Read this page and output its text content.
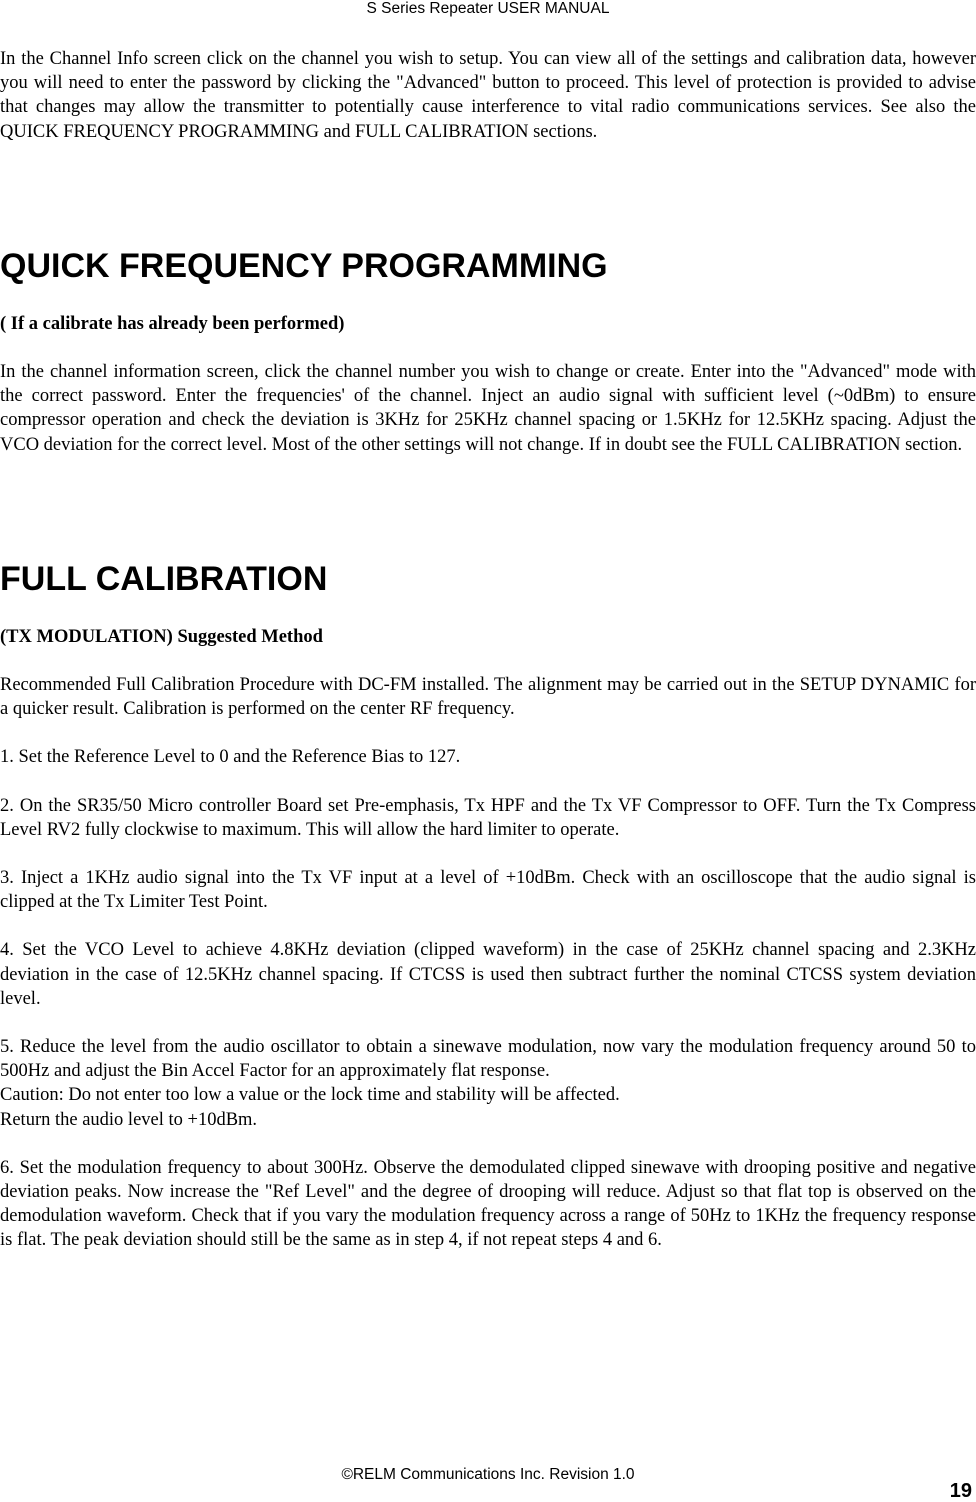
S Series Repeater USER MANUAL

In the Channel Info screen click on the channel you wish to setup. You can view all of the settings and calibration data, however you will need to enter the password by clicking the "Advanced" button to proceed. This level of protection is provided to advise that changes may allow the transmitter to potentially cause interference to vital radio communications services. See also the QUICK FREQUENCY PROGRAMMING and FULL CALIBRATION sections.

QUICK FREQUENCY PROGRAMMING

( If a calibrate has already been performed)

In the channel information screen, click the channel number you wish to change or create. Enter into the "Advanced" mode with the correct password. Enter the frequencies' of the channel. Inject an audio signal with sufficient level (~0dBm) to ensure compressor operation and check the deviation is 3KHz for 25KHz channel spacing or 1.5KHz for 12.5KHz spacing. Adjust the VCO deviation for the correct level. Most of the other settings will not change. If in doubt see the FULL CALIBRATION section.

FULL CALIBRATION

(TX MODULATION) Suggested Method

Recommended Full Calibration Procedure with DC-FM installed. The alignment may be carried out in the SETUP DYNAMIC for a quicker result. Calibration is performed on the center RF frequency.

1. Set the Reference Level to 0 and the Reference Bias to 127.

2. On the SR35/50 Micro controller Board set Pre-emphasis, Tx HPF and the Tx VF Compressor to OFF. Turn the Tx Compress Level RV2 fully clockwise to maximum. This will allow the hard limiter to operate.

3. Inject a 1KHz audio signal into the Tx VF input at a level of +10dBm. Check with an oscilloscope that the audio signal is clipped at the Tx Limiter Test Point.

4. Set the VCO Level to achieve 4.8KHz deviation (clipped waveform) in the case of 25KHz channel spacing and 2.3KHz deviation in the case of 12.5KHz channel spacing. If CTCSS is used then subtract further the nominal CTCSS system deviation level.

5. Reduce the level from the audio oscillator to obtain a sinewave modulation, now vary the modulation frequency around 50 to 500Hz and adjust the Bin Accel Factor for an approximately flat response.

Caution: Do not enter too low a value or the lock time and stability will be affected.

Return the audio level to +10dBm.

6. Set the modulation frequency to about 300Hz. Observe the demodulated clipped sinewave with drooping positive and negative deviation peaks. Now increase the "Ref Level" and the degree of drooping will reduce. Adjust so that flat top is observed on the demodulation waveform. Check that if you vary the modulation frequency across a range of 50Hz to 1KHz the frequency response is flat. The peak deviation should still be the same as in step 4, if not repeat steps 4 and 6.

©RELM Communications Inc. Revision 1.0
19
